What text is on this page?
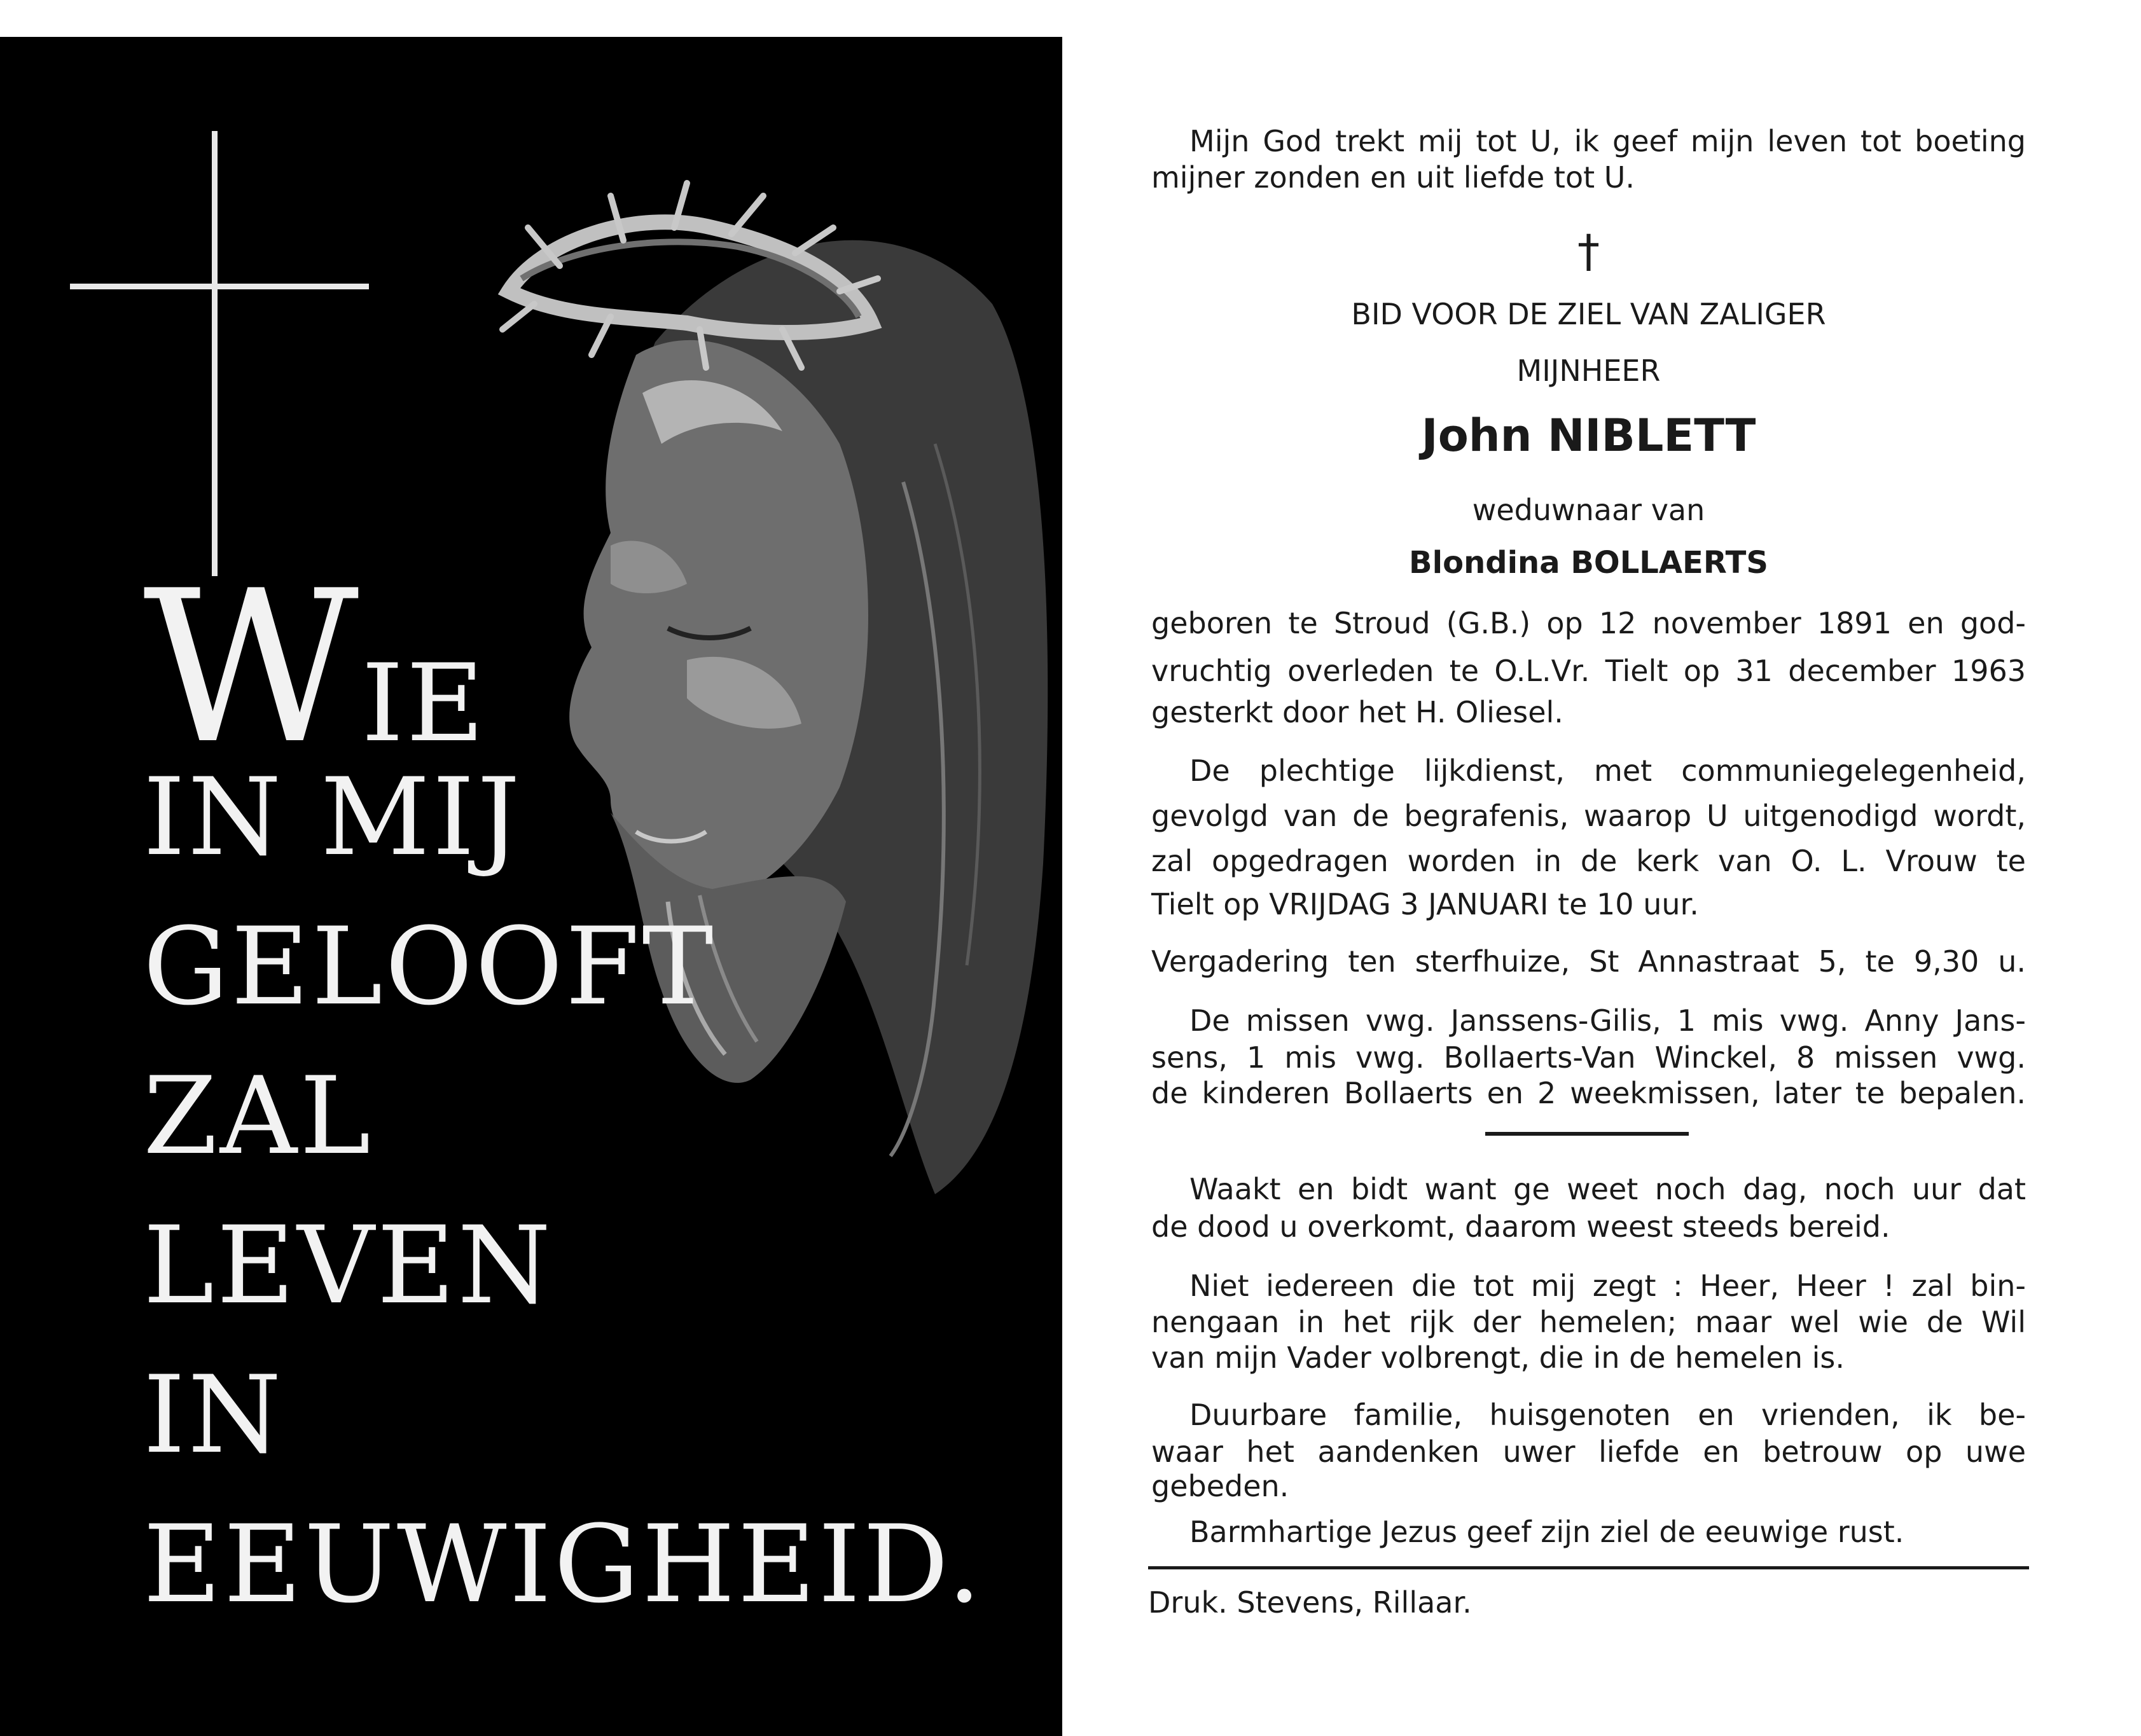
WIE
IN MIJ
GELOOFT
ZAL
LEVEN
IN
EEUWIGHEID.
Mijn God trekt mij tot U, ik geef mijn leven tot boeting
mijner zonden en uit liefde tot U.
†
BID VOOR DE ZIEL VAN ZALIGER
MIJNHEER
John NIBLETT
weduwnaar van
Blondina BOLLAERTS
geboren te Stroud (G.B.) op 12 november 1891 en god-
vruchtig overleden te O.L.Vr. Tielt op 31 december 1963
gesterkt door het H. Oliesel.
De plechtige lijkdienst, met communiegelegenheid,
gevolgd van de begrafenis, waarop U uitgenodigd wordt,
zal opgedragen worden in de kerk van O. L. Vrouw te
Tielt op VRIJDAG 3 JANUARI te 10 uur.
Vergadering ten sterfhuize, St Annastraat 5, te 9,30 u.
De missen vwg. Janssens-Gilis, 1 mis vwg. Anny Jans-
sens, 1 mis vwg. Bollaerts-Van Winckel, 8 missen vwg.
de kinderen Bollaerts en 2 weekmissen, later te bepalen.
Waakt en bidt want ge weet noch dag, noch uur dat
de dood u overkomt, daarom weest steeds bereid.
Niet iedereen die tot mij zegt : Heer, Heer ! zal bin-
nengaan in het rijk der hemelen; maar wel wie de Wil
van mijn Vader volbrengt, die in de hemelen is.
Duurbare familie, huisgenoten en vrienden, ik be-
waar het aandenken uwer liefde en betrouw op uwe
gebeden.
Barmhartige Jezus geef zijn ziel de eeuwige rust.
Druk. Stevens, Rillaar.
